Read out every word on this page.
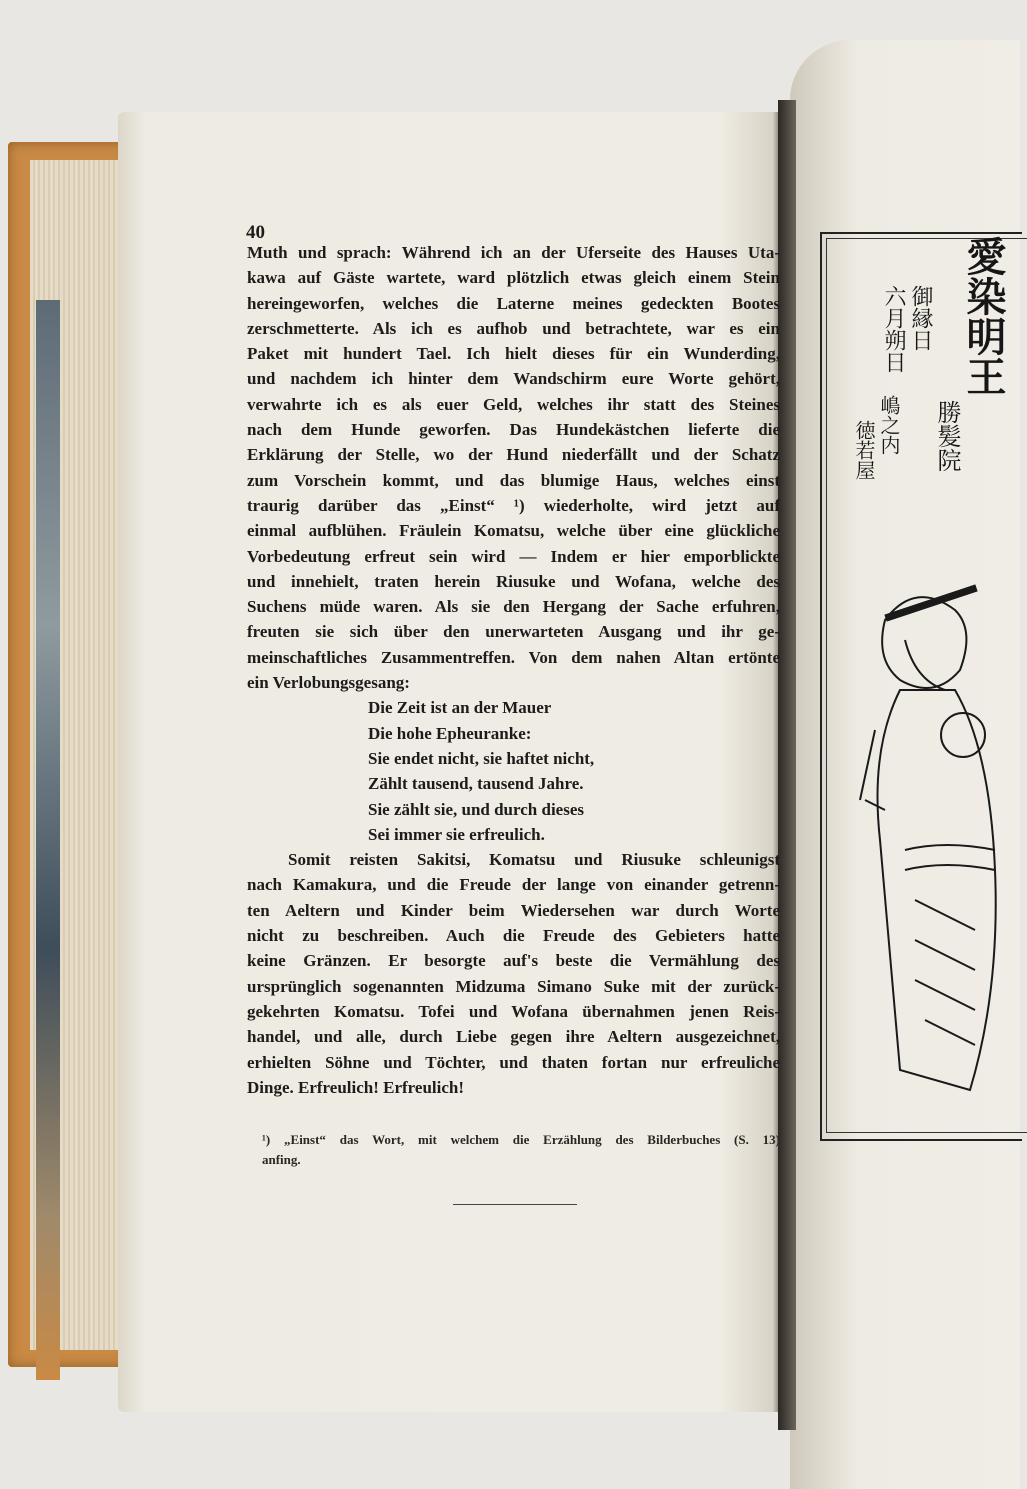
40
Muth und sprach: Während ich an der Uferseite des Hauses Uta-
kawa auf Gäste wartete, ward plötzlich etwas gleich einem Stein
hereingeworfen, welches die Laterne meines gedeckten Bootes
zerschmetterte. Als ich es aufhob und betrachtete, war es ein
Paket mit hundert Tael. Ich hielt dieses für ein Wunderding,
und nachdem ich hinter dem Wandschirm eure Worte gehört,
verwahrte ich es als euer Geld, welches ihr statt des Steines
nach dem Hunde geworfen. Das Hundekästchen lieferte die
Erklärung der Stelle, wo der Hund niederfällt und der Schatz
zum Vorschein kommt, und das blumige Haus, welches einst
traurig darüber das „Einst“ ¹) wiederholte, wird jetzt auf
einmal aufblühen. Fräulein Komatsu, welche über eine glückliche
Vorbedeutung erfreut sein wird — Indem er hier emporblickte
und innehielt, traten herein Riusuke und Wofana, welche des
Suchens müde waren. Als sie den Hergang der Sache erfuhren,
freuten sie sich über den unerwarteten Ausgang und ihr ge-
meinschaftliches Zusammentreffen. Von dem nahen Altan ertönte
ein Verlobungsgesang:
Die Zeit ist an der Mauer
Die hohe Epheuranke:
Sie endet nicht, sie haftet nicht,
Zählt tausend, tausend Jahre.
Sie zählt sie, und durch dieses
Sei immer sie erfreulich.
Somit reisten Sakitsi, Komatsu und Riusuke schleunigst
nach Kamakura, und die Freude der lange von einander getrenn-
ten Aeltern und Kinder beim Wiedersehen war durch Worte
nicht zu beschreiben. Auch die Freude des Gebieters hatte
keine Gränzen. Er besorgte auf's beste die Vermählung des
ursprünglich sogenannten Midzuma Simano Suke mit der zurück-
gekehrten Komatsu. Tofei und Wofana übernahmen jenen Reis-
handel, und alle, durch Liebe gegen ihre Aeltern ausgezeichnet,
erhielten Söhne und Töchter, und thaten fortan nur erfreuliche
Dinge. Erfreulich! Erfreulich!
¹) „Einst“ das Wort, mit welchem die Erzählung des Bilderbuches (S. 13)
anfing.
愛染明王
御縁日
六月朔日
勝髪院
嶋之内
徳若屋
